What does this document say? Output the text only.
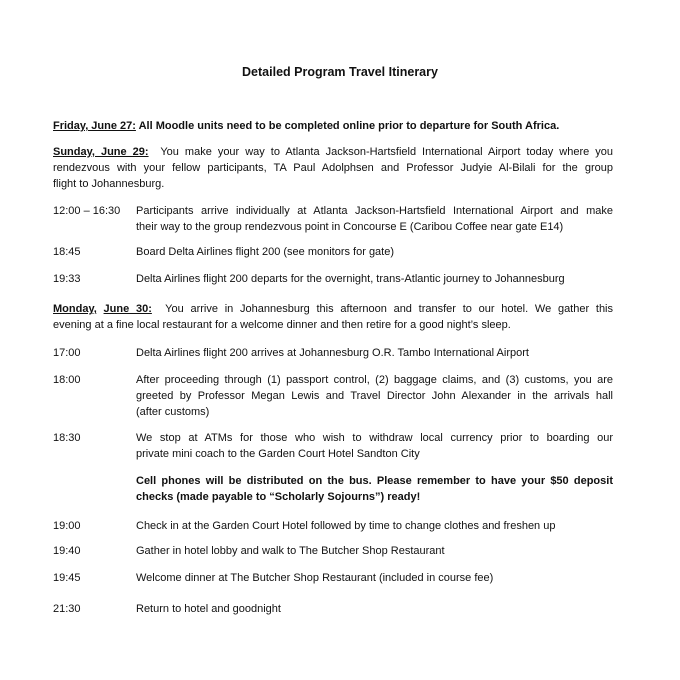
Detailed Program Travel Itinerary
Friday, June 27: All Moodle units need to be completed online prior to departure for South Africa.
Sunday, June 29: You make your way to Atlanta Jackson-Hartsfield International Airport today where you
rendezvous with your fellow participants, TA Paul Adolphsen and Professor Judyie Al-Bilali for the group
flight to Johannesburg.
12:00 – 16:30	Participants arrive individually at Atlanta Jackson-Hartsfield International Airport and make
their way to the group rendezvous point in Concourse E (Caribou Coffee near gate E14)
18:45	Board Delta Airlines flight 200 (see monitors for gate)
19:33	Delta Airlines flight 200 departs for the overnight, trans-Atlantic journey to Johannesburg
Monday, June 30: You arrive in Johannesburg this afternoon and transfer to our hotel. We gather this
evening at a fine local restaurant for a welcome dinner and then retire for a good night’s sleep.
17:00	Delta Airlines flight 200 arrives at Johannesburg O.R. Tambo International Airport
18:00	After proceeding through (1) passport control, (2) baggage claims, and (3) customs, you are
greeted by Professor Megan Lewis and Travel Director John Alexander in the arrivals hall
(after customs)
18:30	We stop at ATMs for those who wish to withdraw local currency prior to boarding our
private mini coach to the Garden Court Hotel Sandton City
Cell phones will be distributed on the bus. Please remember to have your $50 deposit
checks (made payable to “Scholarly Sojourns”) ready!
19:00	Check in at the Garden Court Hotel followed by time to change clothes and freshen up
19:40	Gather in hotel lobby and walk to The Butcher Shop Restaurant
19:45	Welcome dinner at The Butcher Shop Restaurant (included in course fee)
21:30	Return to hotel and goodnight
